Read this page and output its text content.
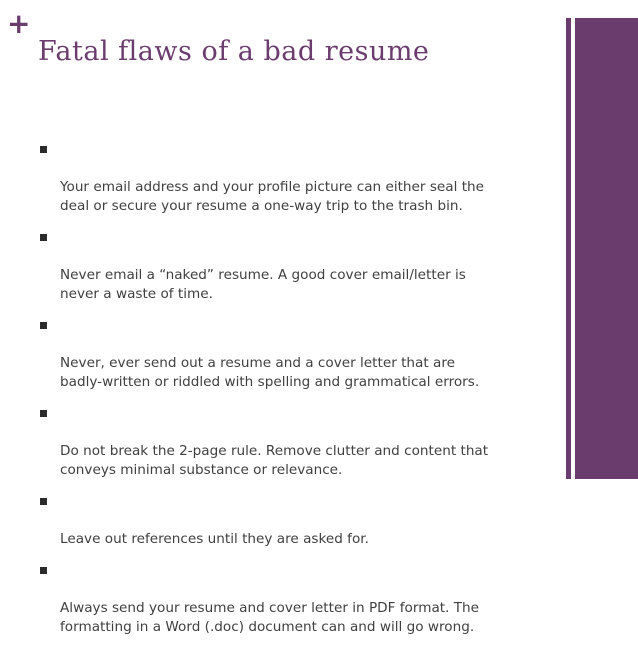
+
Fatal flaws of a bad resume

Your email address and your profile picture can either seal the
deal or secure your resume a one-way trip to the trash bin.

Never email a “naked” resume. A good cover email/letter is
never a waste of time.

Never, ever send out a resume and a cover letter that are
badly-written or riddled with spelling and grammatical errors.

Do not break the 2-page rule. Remove clutter and content that
conveys minimal substance or relevance.

Leave out references until they are asked for.

Always send your resume and cover letter in PDF format. The
formatting in a Word (.doc) document can and will go wrong.
